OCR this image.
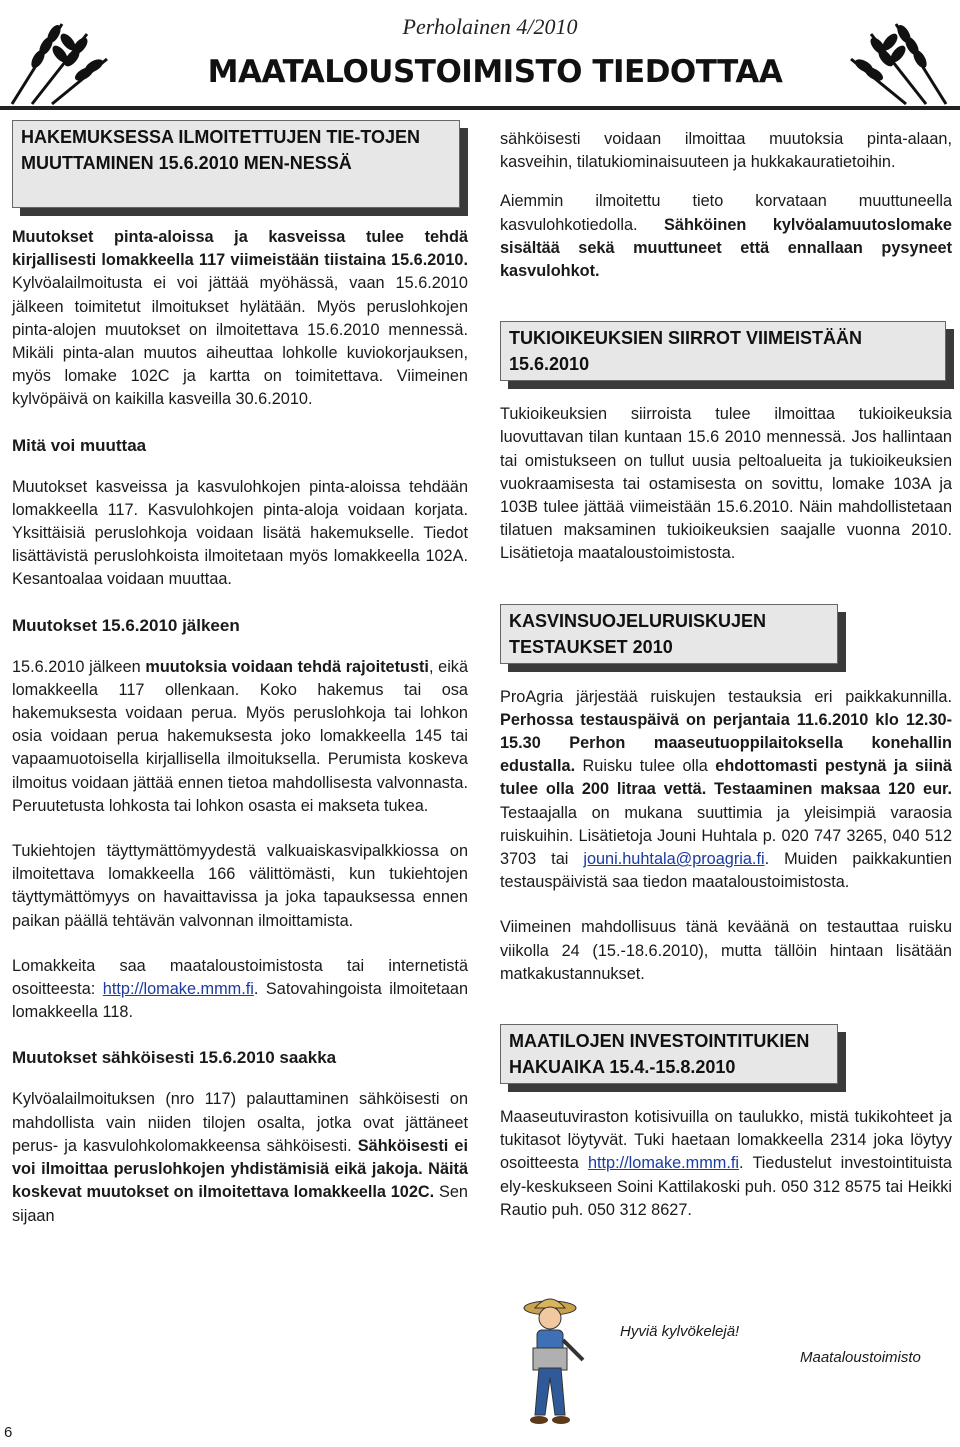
Perholainen 4/2010
MAATALOUSTOIMISTO TIEDOTTAA
HAKEMUKSESSA ILMOITETTUJEN TIE-TOJEN MUUTTAMINEN 15.6.2010 MEN-NESSÄ

Muutokset pinta-aloissa ja kasveissa tulee tehdä kirjallisesti lomakkeella 117 viimeistään tiistaina 15.6.2010. Kylvöalailmoitusta ei voi jättää myöhässä, vaan 15.6.2010 jälkeen toimitetut ilmoitukset hylätään. Myös peruslohkojen pinta-alojen muutokset on ilmoitettava 15.6.2010 mennessä. Mikäli pinta-alan muutos aiheuttaa lohkolle kuviokorjauksen, myös lomake 102C ja kartta on toimitettava. Viimeinen kylvöpäivä on kaikilla kasveilla 30.6.2010.

Mitä voi muuttaa

Muutokset kasveissa ja kasvulohkojen pinta-aloissa tehdään lomakkeella 117. Kasvulohkojen pinta-aloja voidaan korjata. Yksittäisiä peruslohkoja voidaan lisätä hakemukselle. Tiedot lisättävistä peruslohkoista ilmoitetaan myös lomakkeella 102A. Kesantoalaa voidaan muuttaa.

Muutokset 15.6.2010 jälkeen

15.6.2010 jälkeen muutoksia voidaan tehdä rajoitetusti, eikä lomakkeella 117 ollenkaan. Koko hakemus tai osa hakemuksesta voidaan perua. Myös peruslohkoja tai lohkon osia voidaan perua hakemuksesta joko lomakkeella 145 tai vapaamuotoisella kirjallisella ilmoituksella. Perumista koskeva ilmoitus voidaan jättää ennen tietoa mahdollisesta valvonnasta. Peruutetusta lohkosta tai lohkon osasta ei makseta tukea.

Tukiehtojen täyttymättömyydestä valkuaiskasvipalkkiossa on ilmoitettava lomakkeella 166 välittömästi, kun tukiehtojen täyttymättömyys on havaittavissa ja joka tapauksessa ennen paikan päällä tehtävän valvonnan ilmoittamista.

Lomakkeita saa maataloustoimistosta tai internetistä osoitteesta: http://lomake.mmm.fi. Satovahingoista ilmoitetaan lomakkeella 118.

Muutokset sähköisesti 15.6.2010 saakka

Kylvöalailmoituksen (nro 117) palauttaminen sähköisesti on mahdollista vain niiden tilojen osalta, jotka ovat jättäneet perus- ja kasvulohkolomakkeensa sähköisesti. Sähköisesti ei voi ilmoittaa peruslohkojen yhdistämisiä eikä jakoja. Näitä koskevat muutokset on ilmoitettava lomakkeella 102C. Sen sijaan

sähköisesti voidaan ilmoittaa muutoksia pinta-alaan, kasveihin, tilatukiominaisuuteen ja hukkakauratietoihin.

Aiemmin ilmoitettu tieto korvataan muuttuneella kasvulohkotiedolla. Sähköinen kylvöalamuutoslomake sisältää sekä muuttuneet että ennallaan pysyneet kasvulohkot.

TUKIOIKEUKSIEN SIIRROT VIIMEISTÄÄN 15.6.2010

Tukioikeuksien siirroista tulee ilmoittaa tukioikeuksia luovuttavan tilan kuntaan 15.6 2010 mennessä. Jos hallintaan tai omistukseen on tullut uusia peltoalueita ja tukioikeuksien vuokraamisesta tai ostamisesta on sovittu, lomake 103A ja 103B tulee jättää viimeistään 15.6.2010. Näin mahdollistetaan tilatuen maksaminen tukioikeuksien saajalle vuonna 2010. Lisätietoja maataloustoimistosta.

KASVINSUOJELURUISKUJEN TESTAUKSET 2010

ProAgria järjestää ruiskujen testauksia eri paikkakunnilla. Perhossa testauspäivä on perjantaia 11.6.2010 klo 12.30-15.30 Perhon maaseutuoppilaitoksella konehallin edustalla. Ruisku tulee olla ehdottomasti pestynä ja siinä tulee olla 200 litraa vettä. Testaaminen maksaa 120 eur. Testaajalla on mukana suuttimia ja yleisimpiä varaosia ruiskuihin. Lisätietoja Jouni Huhtala p. 020 747 3265, 040 512 3703 tai jouni.huhtala@proagria.fi. Muiden paikkakuntien testauspäivistä saa tiedon maataloustoimistosta.

Viimeinen mahdollisuus tänä keväänä on testauttaa ruisku viikolla 24 (15.-18.6.2010), mutta tällöin hintaan lisätään matkakustannukset.

MAATILOJEN INVESTOINTITUKIEN HAKUAIKA 15.4.-15.8.2010

Maaseutuviraston kotisivuilla on taulukko, mistä tukikohteet ja tukitasot löytyvät. Tuki haetaan lomakkeella 2314 joka löytyy osoitteesta http://lomake.mmm.fi. Tiedustelut investointituista ely-keskukseen Soini Kattilakoski puh. 050 312 8575 tai Heikki Rautio puh. 050 312 8627.

Hyviä kylvökelejä!
Maataloustoimisto
6
